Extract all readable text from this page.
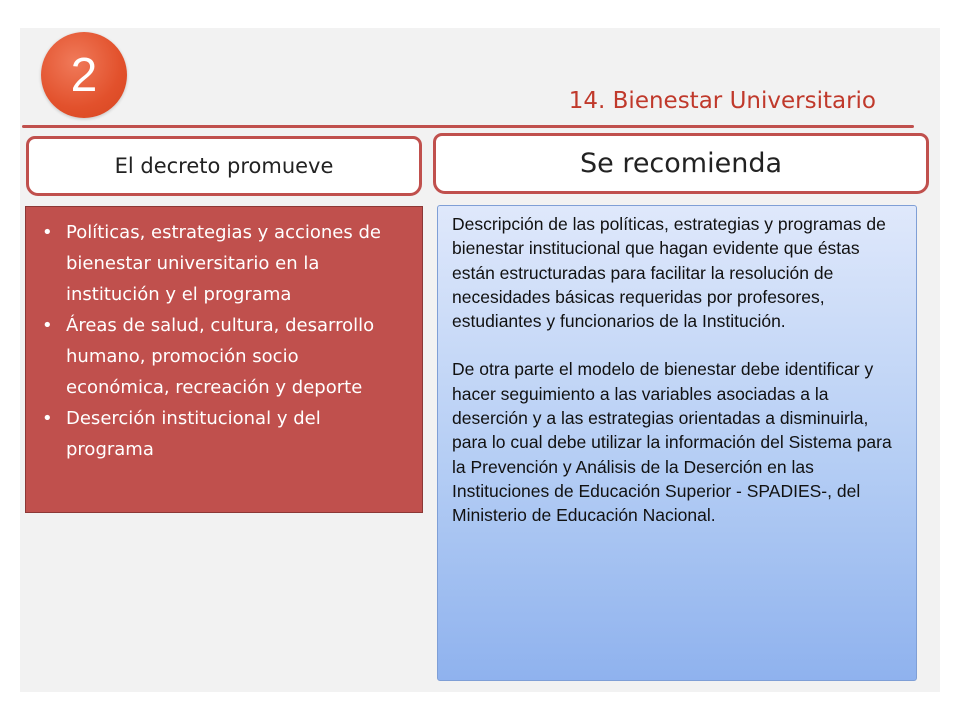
2	14. Bienestar Universitario
El decreto promueve	Se recomienda
• Políticas, estrategias y acciones de bienestar universitario en la institución y el programa
• Áreas de salud, cultura, desarrollo humano, promoción socio económica, recreación y deporte
• Deserción institucional y del programa

Descripción de las políticas, estrategias y programas de bienestar institucional que hagan evidente que éstas están estructuradas para facilitar la resolución de necesidades básicas requeridas por profesores, estudiantes y funcionarios de la Institución.

De otra parte el modelo de bienestar debe identificar y hacer seguimiento a las variables asociadas a la deserción y a las estrategias orientadas a disminuirla, para lo cual debe utilizar la información del Sistema para la Prevención y Análisis de la Deserción en las Instituciones de Educación Superior - SPADIES-, del Ministerio de Educación Nacional.
